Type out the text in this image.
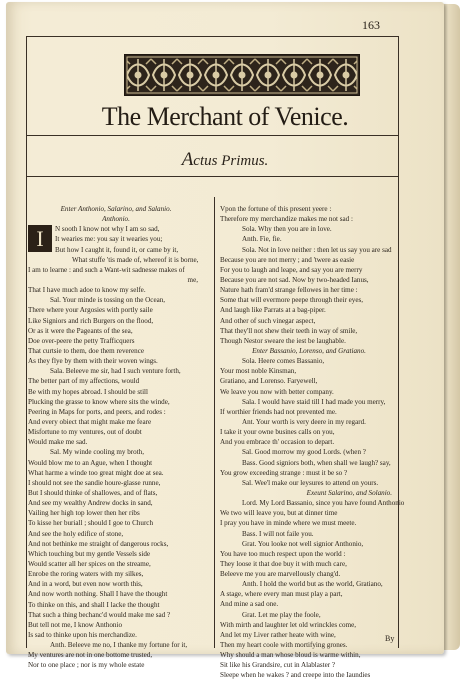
163
The Merchant of Venice.
Actus Primus.
Enter Anthonio, Salarino, and Salanio.
Anthonio.
I	N sooth I know not why I am so sad,
It wearies me: you say it wearies you;
But how I caught it, found it, or came by it,
What stuffe 'tis made of, whereof it is borne,
I am to learne : and such a Want-wit sadnesse makes of
me,
That I have much adoe to know my selfe.
Sal. Your minde is tossing on the Ocean,
There where your Argosies with portly saile
Like Signiors and rich Burgers on the flood,
Or as it were the Pageants of the sea,
Doe over-peere the petty Trafficquers
That curtsie to them, doe them reverence
As they flye by them with their woven wings.
Sala. Beleeve me sir, had I such venture forth,
The better part of my affections, would
Be with my hopes abroad. I should be still
Plucking the grasse to know where sits the winde,
Peering in Maps for ports, and peers, and rodes :
And every obiect that might make me feare
Misfortune to my ventures, out of doubt
Would make me sad.
Sal. My winde cooling my broth,
Would blow me to an Ague, when I thought
What harme a winde too great might doe at sea.
I should not see the sandie houre-glasse runne,
But I should thinke of shallowes, and of flats,
And see my wealthy Andrew docks in sand,
Vailing her high top lower then her ribs
To kisse her buriall ; should I goe to Church
And see the holy edifice of stone,
And not bethinke me straight of dangerous rocks,
Which touching but my gentle Vessels side
Would scatter all her spices on the streame,
Enrobe the roring waters with my silkes,
And in a word, but even now worth this,
And now worth nothing. Shall I have the thought
To thinke on this, and shall I lacke the thought
That such a thing bechanc'd would make me sad ?
But tell not me, I know Anthonio
Is sad to thinke upon his merchandize.
Anth. Beleeve me no, I thanke my fortune for it,
My ventures are not in one bottome trusted,
Nor to one place ; nor is my whole estate
Vpon the fortune of this present yeere :
Therefore my merchandize makes me not sad :
Sola. Why then you are in love.
Anth. Fie, fie.
Sola. Not in love neither : then let us say you are sad
Because you are not merry ; and 'twere as easie
For you to laugh and leape, and say you are merry
Because you are not sad. Now by two-headed Ianus,
Nature hath fram'd strange fellowes in her time :
Some that will evermore peepe through their eyes,
And laugh like Parrats at a bag-piper.
And other of such vinegar aspect,
That they'll not shew their teeth in way of smile,
Though Nestor sweare the iest be laughable.
Enter Bassanio, Lorenso, and Gratiano.
Sola. Heere comes Bassanio,
Your most noble Kinsman,
Gratiano, and Lorenso. Faryewell,
We leave you now with better company.
Sala. I would have staid till I had made you merry,
If worthier friends had not prevented me.
Ant. Your worth is very deere in my regard.
I take it your owne busines calls on you,
And you embrace th' occasion to depart.
Sal. Good morrow my good Lords. (when ?
Bass. Good signiors both, when shall we laugh? say,
You grow exceeding strange : must it be so ?
Sal. Wee'l make our leysures to attend on yours.
Exeunt Salarino, and Solanio.
Lord. My Lord Bassanio, since you have found Anthonio
We two will leave you, but at dinner time
I pray you have in minde where we must meete.
Bass. I will not faile you.
Grat. You looke not well signior Anthonio,
You have too much respect upon the world :
They loose it that doe buy it with much care,
Beleeve me you are marvellously chang'd.
Anth. I hold the world but as the world, Gratiano,
A stage, where every man must play a part,
And mine a sad one.
Grat. Let me play the foole,
With mirth and laughter let old wrinckles come,
And let my Liver rather heate with wine,
Then my heart coole with mortifying grones.
Why should a man whose bloud is warme within,
Sit like his Grandsire, cut in Alablaster ?
Sleepe when he wakes ? and creepe into the Iaundies
By
